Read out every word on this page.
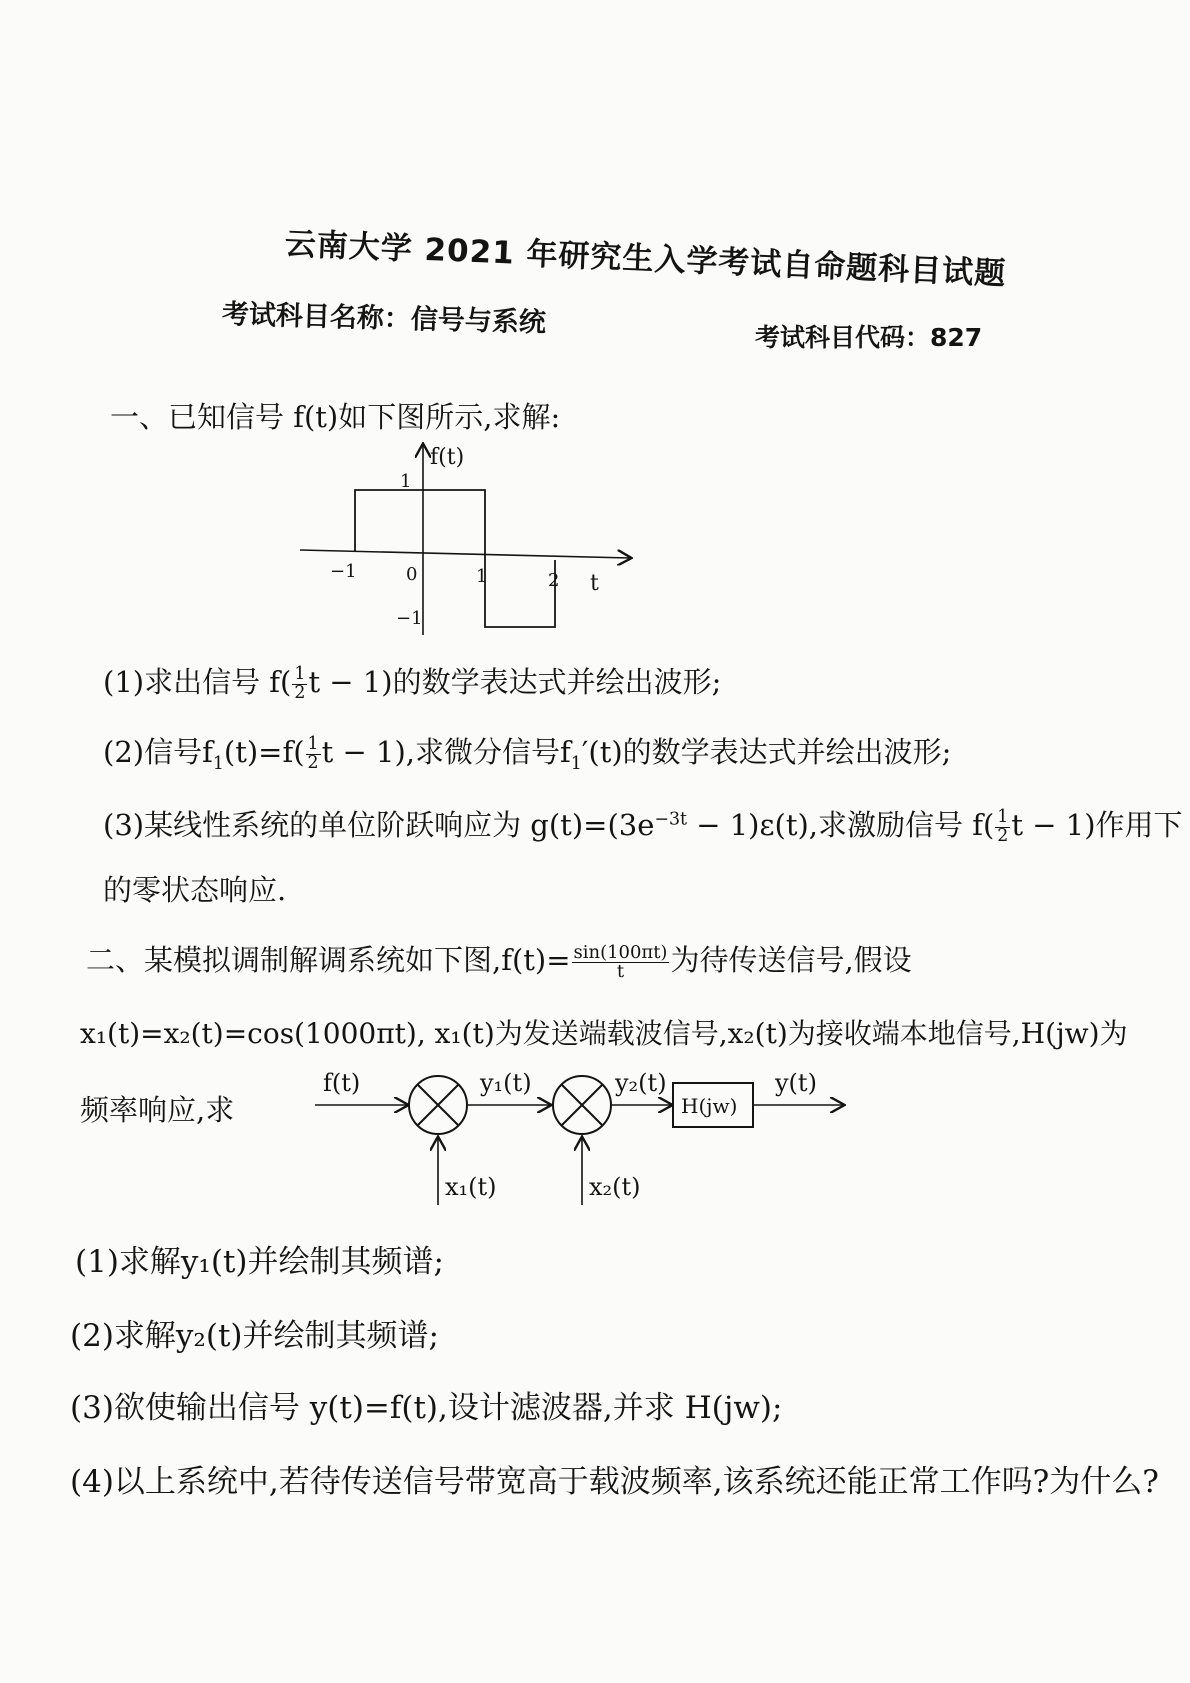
云南大学 2021 年研究生入学考试自命题科目试题
考试科目名称：信号与系统	考试科目代码：827
一、已知信号 f(t)如下图所示,求解:
f(t)
t
1
−1	0	1	2
−1
(1)求出信号 $f( \frac{1}{2}$ t − 1)的数学表达式并绘出波形;
(2)信号$f_1(t)=f( \frac{1}{2}$ t − 1),求微分信号$f_1'(t)$的数学表达式并绘出波形;
(3)某线性系统的单位阶跃响应为 $g(t)=(3e^{-3t} - 1)\varepsilon(t)$,求激励信号 $f( \frac{1}{2}$ t − 1)作用下
的零状态响应.
二、某模拟调制解调系统如下图$,f(t)= \frac{\sin(100\pi t)}{t}$ 为待传送信号,假设
x₁(t)=x₂(t)=cos(1000πt), x₁(t)为发送端载波信号,x₂(t)为接收端本地信号,H(jw)为
频率响应,求
f(t)
x₁(t)
y₁(t)
x₂(t)
y₂(t)
H(jw)
y(t)
(1)求解y₁(t)并绘制其频谱;
(2)求解y₂(t)并绘制其频谱;
(3)欲使输出信号 y(t)=f(t),设计滤波器,并求 H(jw);
(4)以上系统中,若待传送信号带宽高于载波频率,该系统还能正常工作吗?为什么?
